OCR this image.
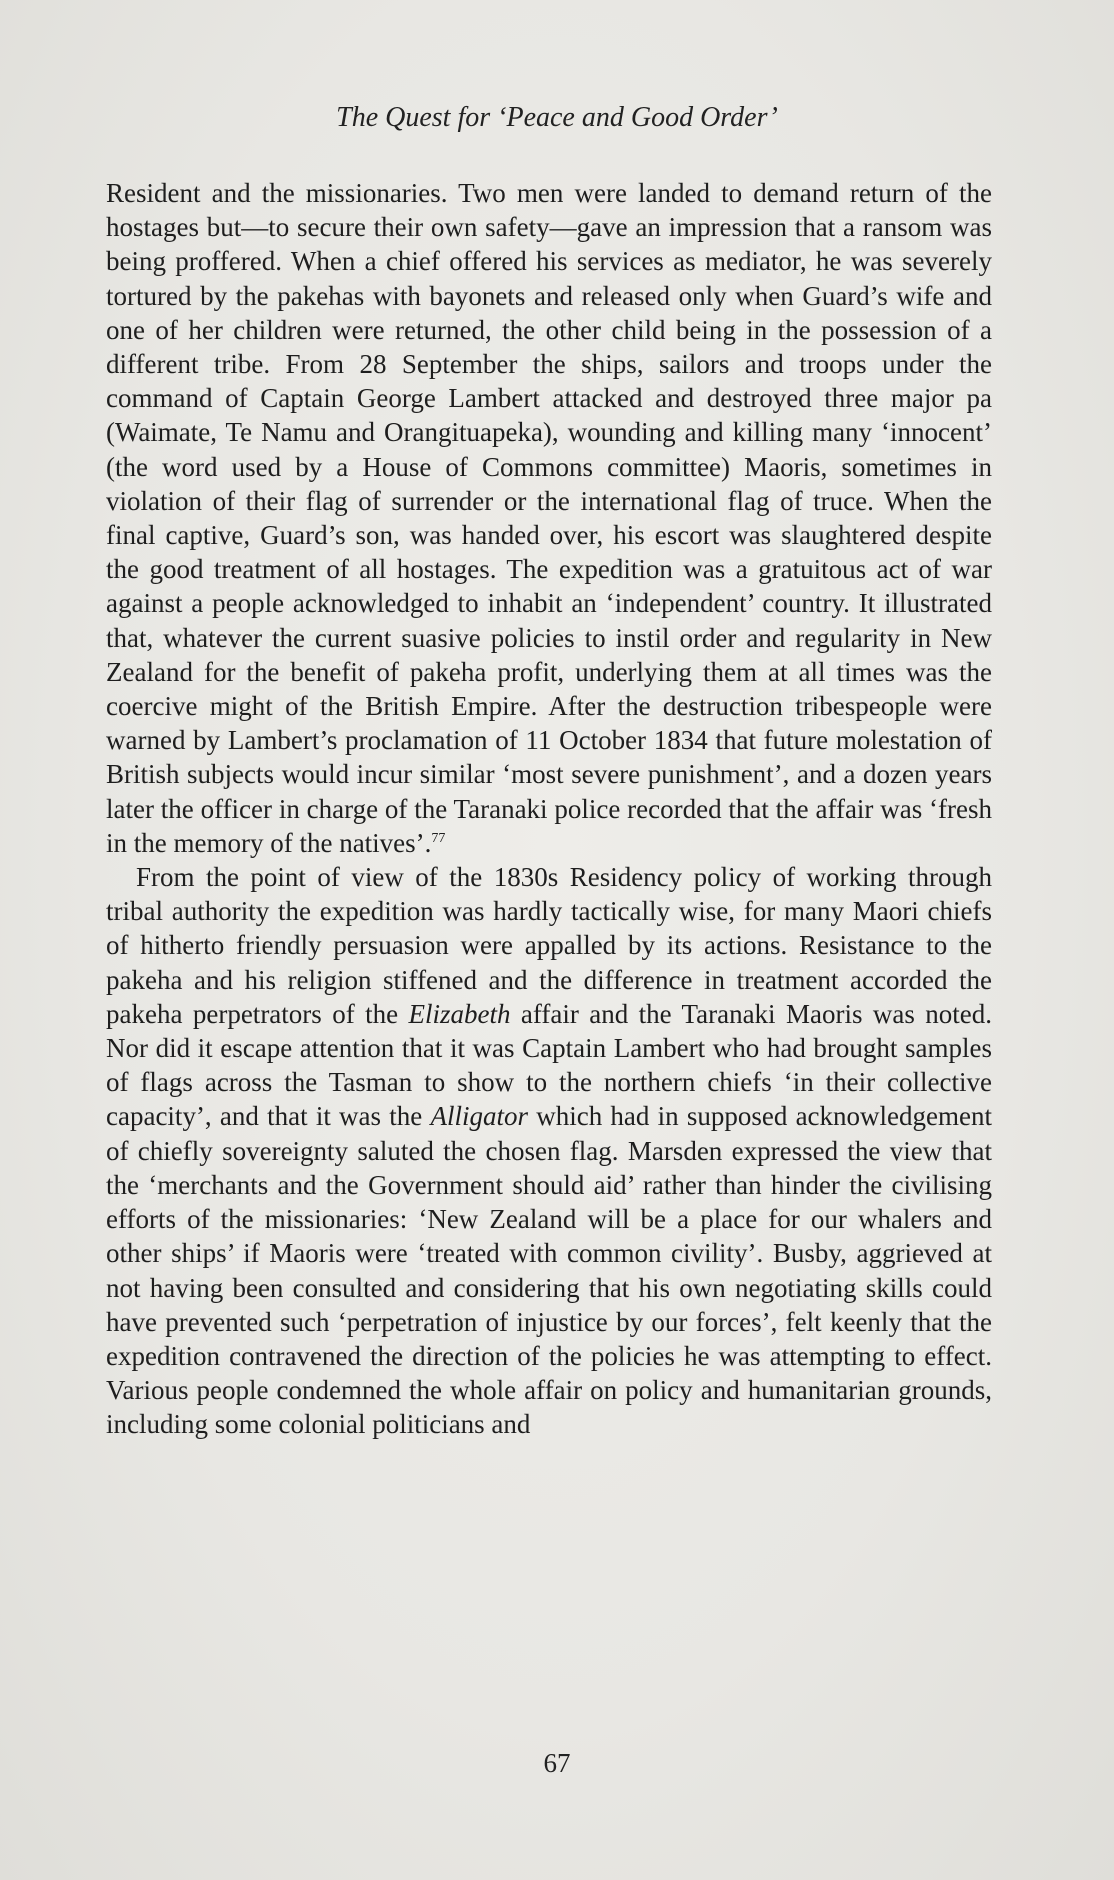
The Quest for ‘Peace and Good Order’

Resident and the missionaries. Two men were landed to demand return of the hostages but—to secure their own safety—gave an impression that a ransom was being proffered. When a chief offered his services as mediator, he was severely tortured by the pakehas with bayonets and released only when Guard’s wife and one of her children were returned, the other child being in the possession of a different tribe. From 28 September the ships, sailors and troops under the command of Captain George Lambert attacked and destroyed three major pa (Waimate, Te Namu and Orangituapeka), wounding and killing many ‘innocent’ (the word used by a House of Commons committee) Maoris, sometimes in violation of their flag of surrender or the international flag of truce. When the final captive, Guard’s son, was handed over, his escort was slaughtered despite the good treatment of all hostages. The expedition was a gratuitous act of war against a people acknowledged to inhabit an ‘independent’ country. It illustrated that, whatever the current suasive policies to instil order and regularity in New Zealand for the benefit of pakeha profit, underlying them at all times was the coercive might of the British Empire. After the destruction tribespeople were warned by Lambert’s proclamation of 11 October 1834 that future molestation of British subjects would incur similar ‘most severe punishment’, and a dozen years later the officer in charge of the Taranaki police recorded that the affair was ‘fresh in the memory of the natives’.$^{77}$

From the point of view of the 1830s Residency policy of working through tribal authority the expedition was hardly tactically wise, for many Maori chiefs of hitherto friendly persuasion were appalled by its actions. Resistance to the pakeha and his religion stiffened and the difference in treatment accorded the pakeha perpetrators of the Elizabeth affair and the Taranaki Maoris was noted. Nor did it escape attention that it was Captain Lambert who had brought samples of flags across the Tasman to show to the northern chiefs ‘in their collective capacity’, and that it was the Alligator which had in supposed acknowledgement of chiefly sovereignty saluted the chosen flag. Marsden expressed the view that the ‘merchants and the Government should aid’ rather than hinder the civilising efforts of the missionaries: ‘New Zealand will be a place for our whalers and other ships’ if Maoris were ‘treated with common civility’. Busby, aggrieved at not having been consulted and considering that his own negotiating skills could have prevented such ‘perpetration of injustice by our forces’, felt keenly that the expedition contravened the direction of the policies he was attempting to effect. Various people condemned the whole affair on policy and humanitarian grounds, including some colonial politicians and

67
